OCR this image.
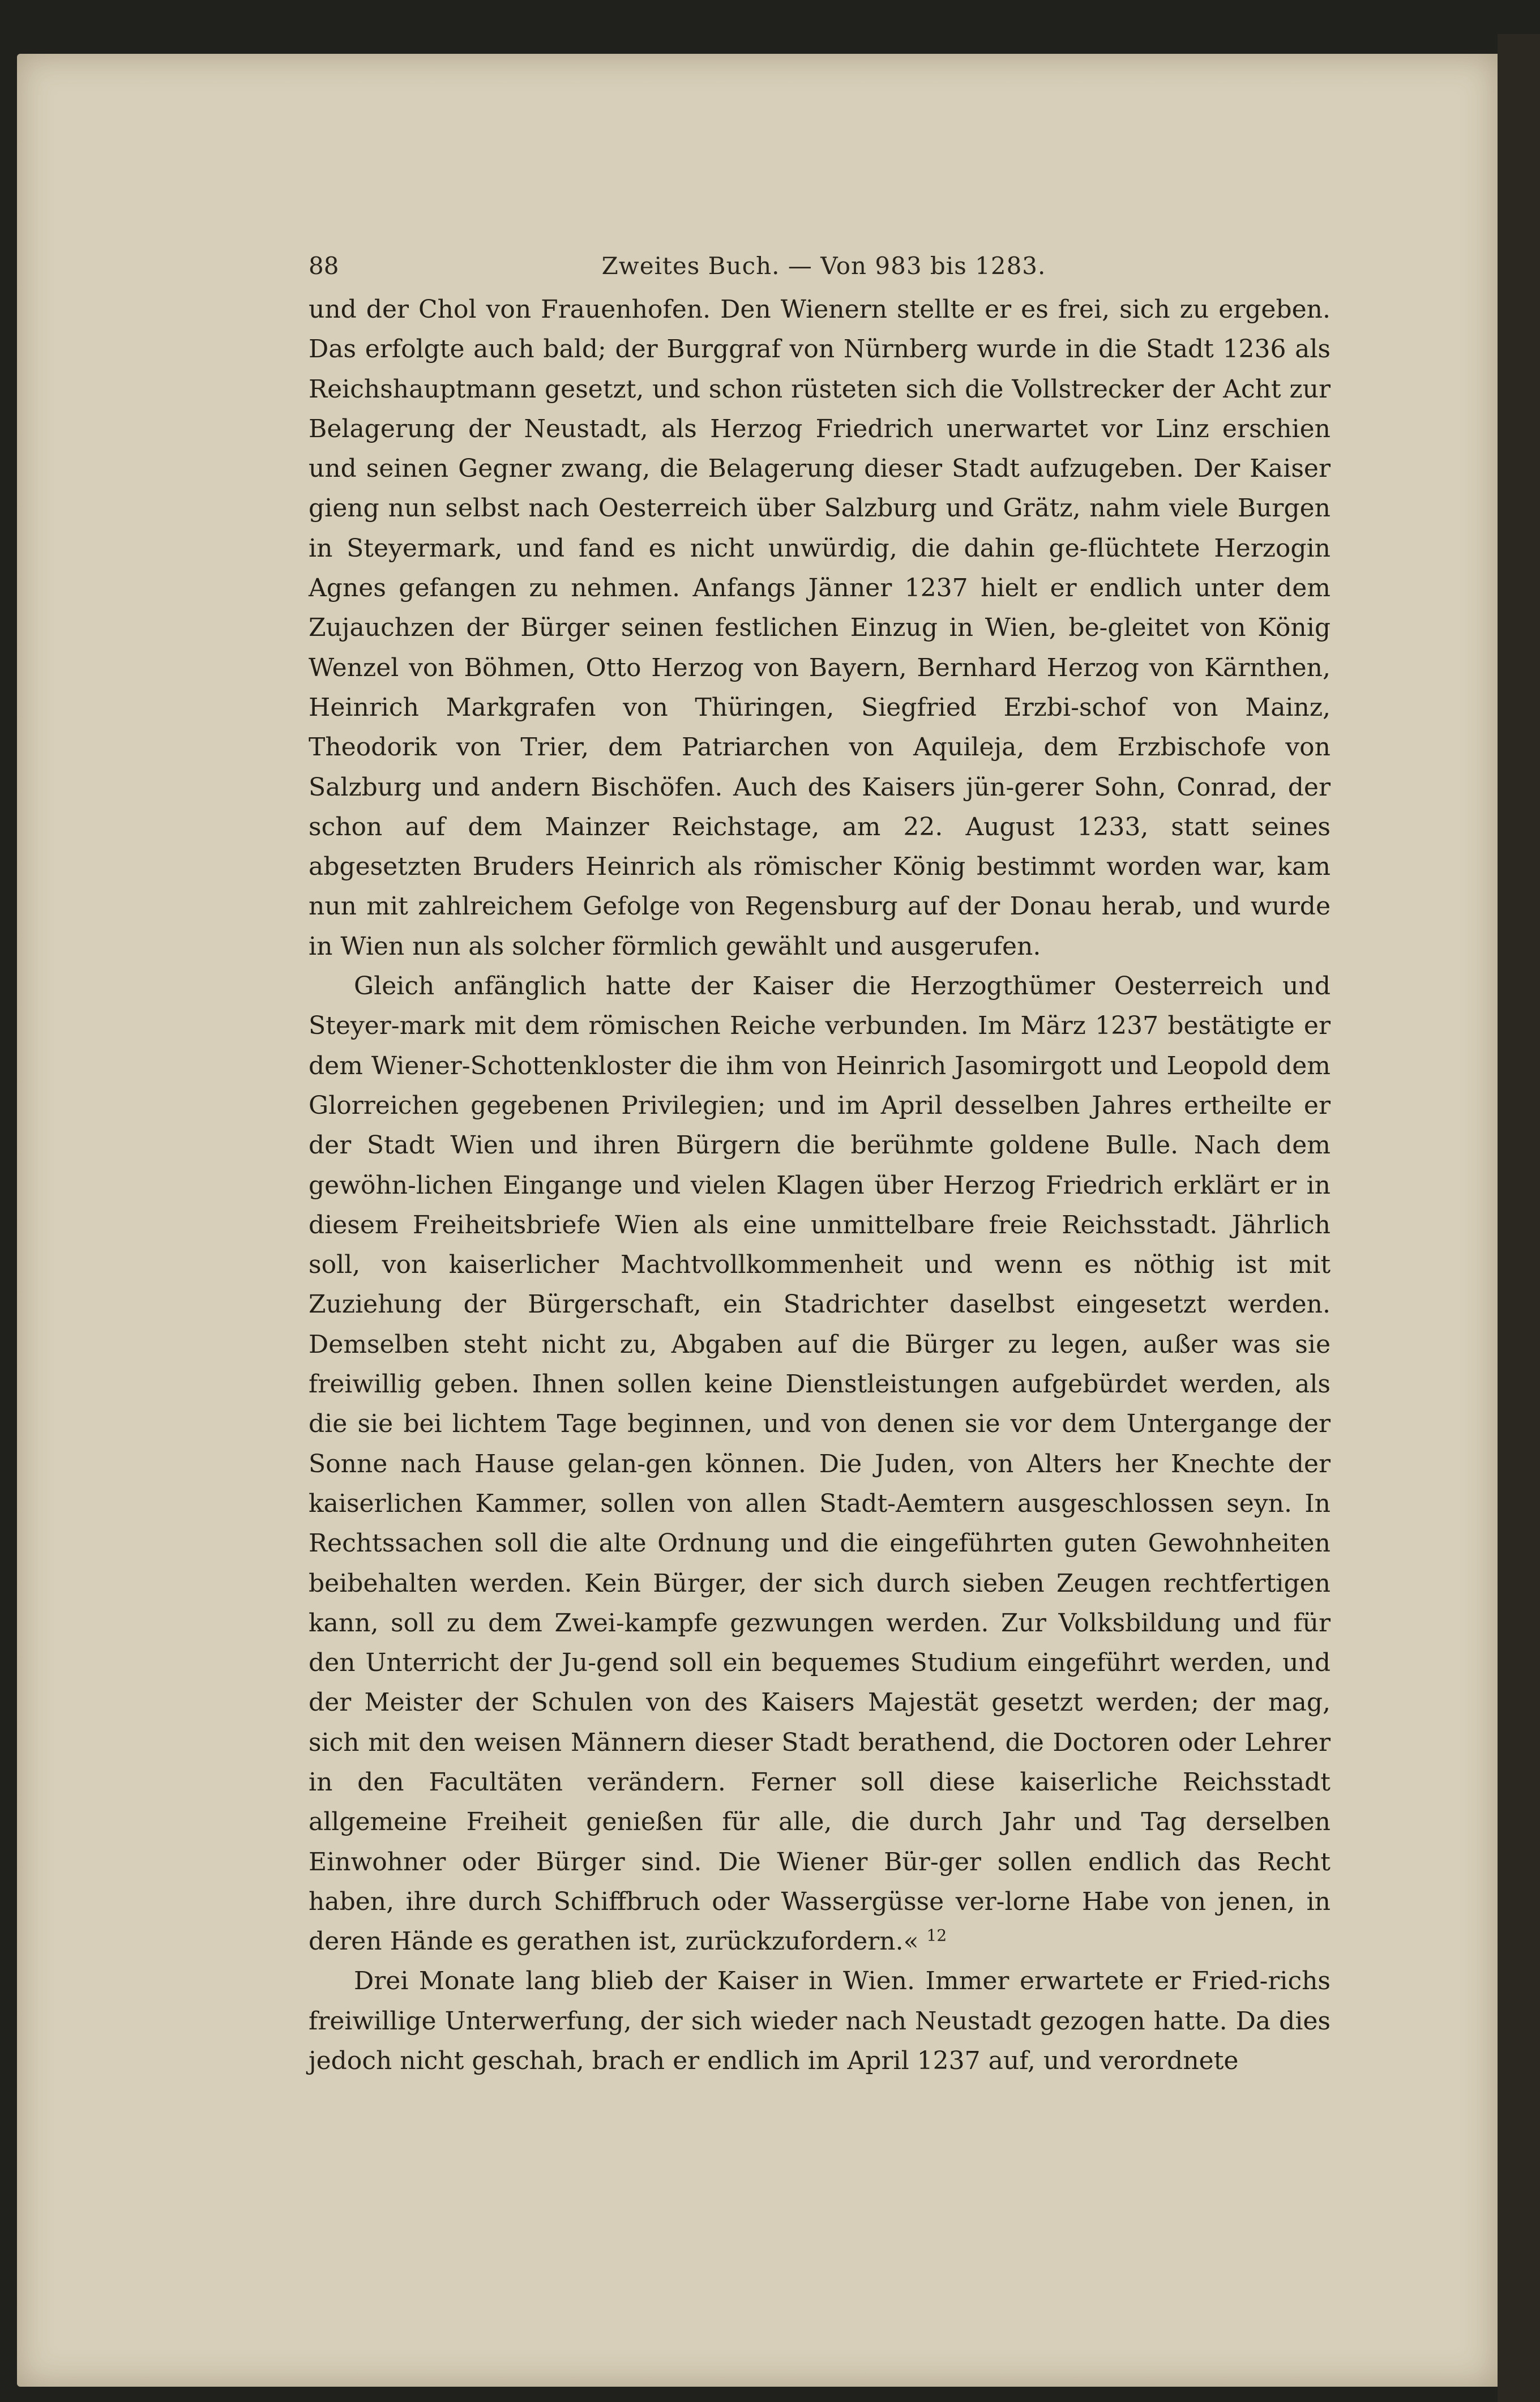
88	Zweites Buch. — Von 983 bis 1283.

und der Chol von Frauenhofen. Den Wienern stellte er es frei, sich zu ergeben. Das erfolgte auch bald; der Burggraf von Nürnberg wurde in die Stadt 1236 als Reichshauptmann gesetzt, und schon rüsteten sich die Vollstrecker der Acht zur Belagerung der Neustadt, als Herzog Friedrich unerwartet vor Linz erschien und seinen Gegner zwang, die Belagerung dieser Stadt aufzugeben. Der Kaiser gieng nun selbst nach Oesterreich über Salzburg und Grätz, nahm viele Burgen in Steyermark, und fand es nicht unwürdig, die dahin ge-flüchtete Herzogin Agnes gefangen zu nehmen. Anfangs Jänner 1237 hielt er endlich unter dem Zujauchzen der Bürger seinen festlichen Einzug in Wien, be-gleitet von König Wenzel von Böhmen, Otto Herzog von Bayern, Bernhard Herzog von Kärnthen, Heinrich Markgrafen von Thüringen, Siegfried Erzbi-schof von Mainz, Theodorik von Trier, dem Patriarchen von Aquileja, dem Erzbischofe von Salzburg und andern Bischöfen. Auch des Kaisers jün-gerer Sohn, Conrad, der schon auf dem Mainzer Reichstage, am 22. August 1233, statt seines abgesetzten Bruders Heinrich als römischer König bestimmt worden war, kam nun mit zahlreichem Gefolge von Regensburg auf der Donau herab, und wurde in Wien nun als solcher förmlich gewählt und ausgerufen.

Gleich anfänglich hatte der Kaiser die Herzogthümer Oesterreich und Steyer-mark mit dem römischen Reiche verbunden. Im März 1237 bestätigte er dem Wiener-Schottenkloster die ihm von Heinrich Jasomirgott und Leopold dem Glorreichen gegebenen Privilegien; und im April desselben Jahres ertheilte er der Stadt Wien und ihren Bürgern die berühmte goldene Bulle. Nach dem gewöhn-lichen Eingange und vielen Klagen über Herzog Friedrich erklärt er in diesem Freiheitsbriefe Wien als eine unmittelbare freie Reichsstadt. Jährlich soll, von kaiserlicher Machtvollkommenheit und wenn es nöthig ist mit Zuziehung der Bürgerschaft, ein Stadrichter daselbst eingesetzt werden. Demselben steht nicht zu, Abgaben auf die Bürger zu legen, außer was sie freiwillig geben. Ihnen sollen keine Dienstleistungen aufgebürdet werden, als die sie bei lichtem Tage beginnen, und von denen sie vor dem Untergange der Sonne nach Hause gelan-gen können. Die Juden, von Alters her Knechte der kaiserlichen Kammer, sollen von allen Stadt-Aemtern ausgeschlossen seyn. In Rechtssachen soll die alte Ordnung und die eingeführten guten Gewohnheiten beibehalten werden. Kein Bürger, der sich durch sieben Zeugen rechtfertigen kann, soll zu dem Zwei-kampfe gezwungen werden. Zur Volksbildung und für den Unterricht der Ju-gend soll ein bequemes Studium eingeführt werden, und der Meister der Schulen von des Kaisers Majestät gesetzt werden; der mag, sich mit den weisen Männern dieser Stadt berathend, die Doctoren oder Lehrer in den Facultäten verändern. Ferner soll diese kaiserliche Reichsstadt allgemeine Freiheit genießen für alle, die durch Jahr und Tag derselben Einwohner oder Bürger sind. Die Wiener Bür-ger sollen endlich das Recht haben, ihre durch Schiffbruch oder Wassergüsse ver-lorne Habe von jenen, in deren Hände es gerathen ist, zurückzufordern.« $^{12}$

Drei Monate lang blieb der Kaiser in Wien. Immer erwartete er Fried-richs freiwillige Unterwerfung, der sich wieder nach Neustadt gezogen hatte. Da dies jedoch nicht geschah, brach er endlich im April 1237 auf, und verordnete
